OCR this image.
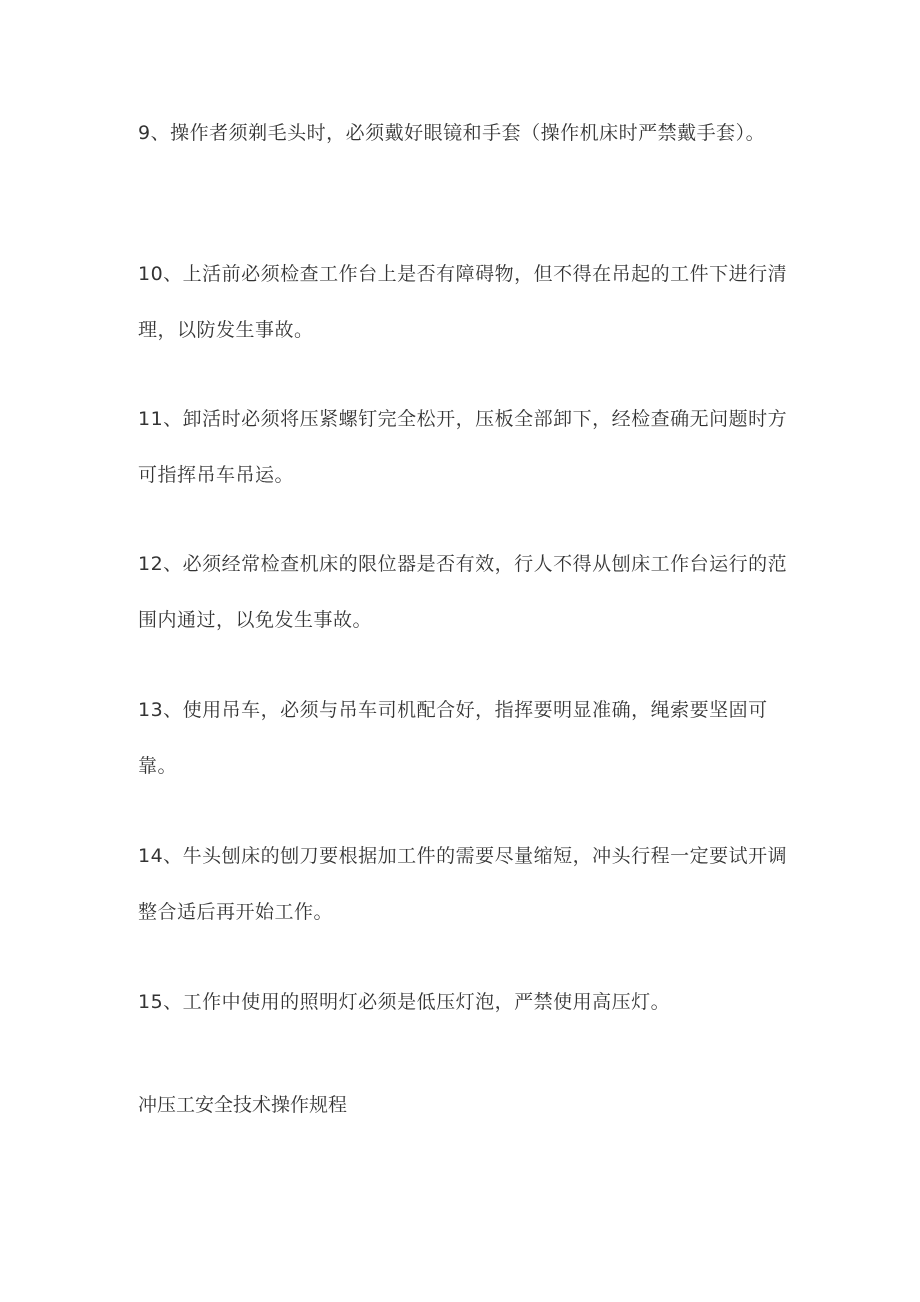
9、操作者须剃毛头时，必须戴好眼镜和手套（操作机床时严禁戴手套）。
10、上活前必须检查工作台上是否有障碍物，但不得在吊起的工件下进行清理，以防发生事故。
11、卸活时必须将压紧螺钉完全松开，压板全部卸下，经检查确无问题时方可指挥吊车吊运。
12、必须经常检查机床的限位器是否有效，行人不得从刨床工作台运行的范围内通过，以免发生事故。
13、使用吊车，必须与吊车司机配合好，指挥要明显准确，绳索要坚固可靠。
14、牛头刨床的刨刀要根据加工件的需要尽量缩短，冲头行程一定要试开调整合适后再开始工作。
15、工作中使用的照明灯必须是低压灯泡，严禁使用高压灯。
冲压工安全技术操作规程
